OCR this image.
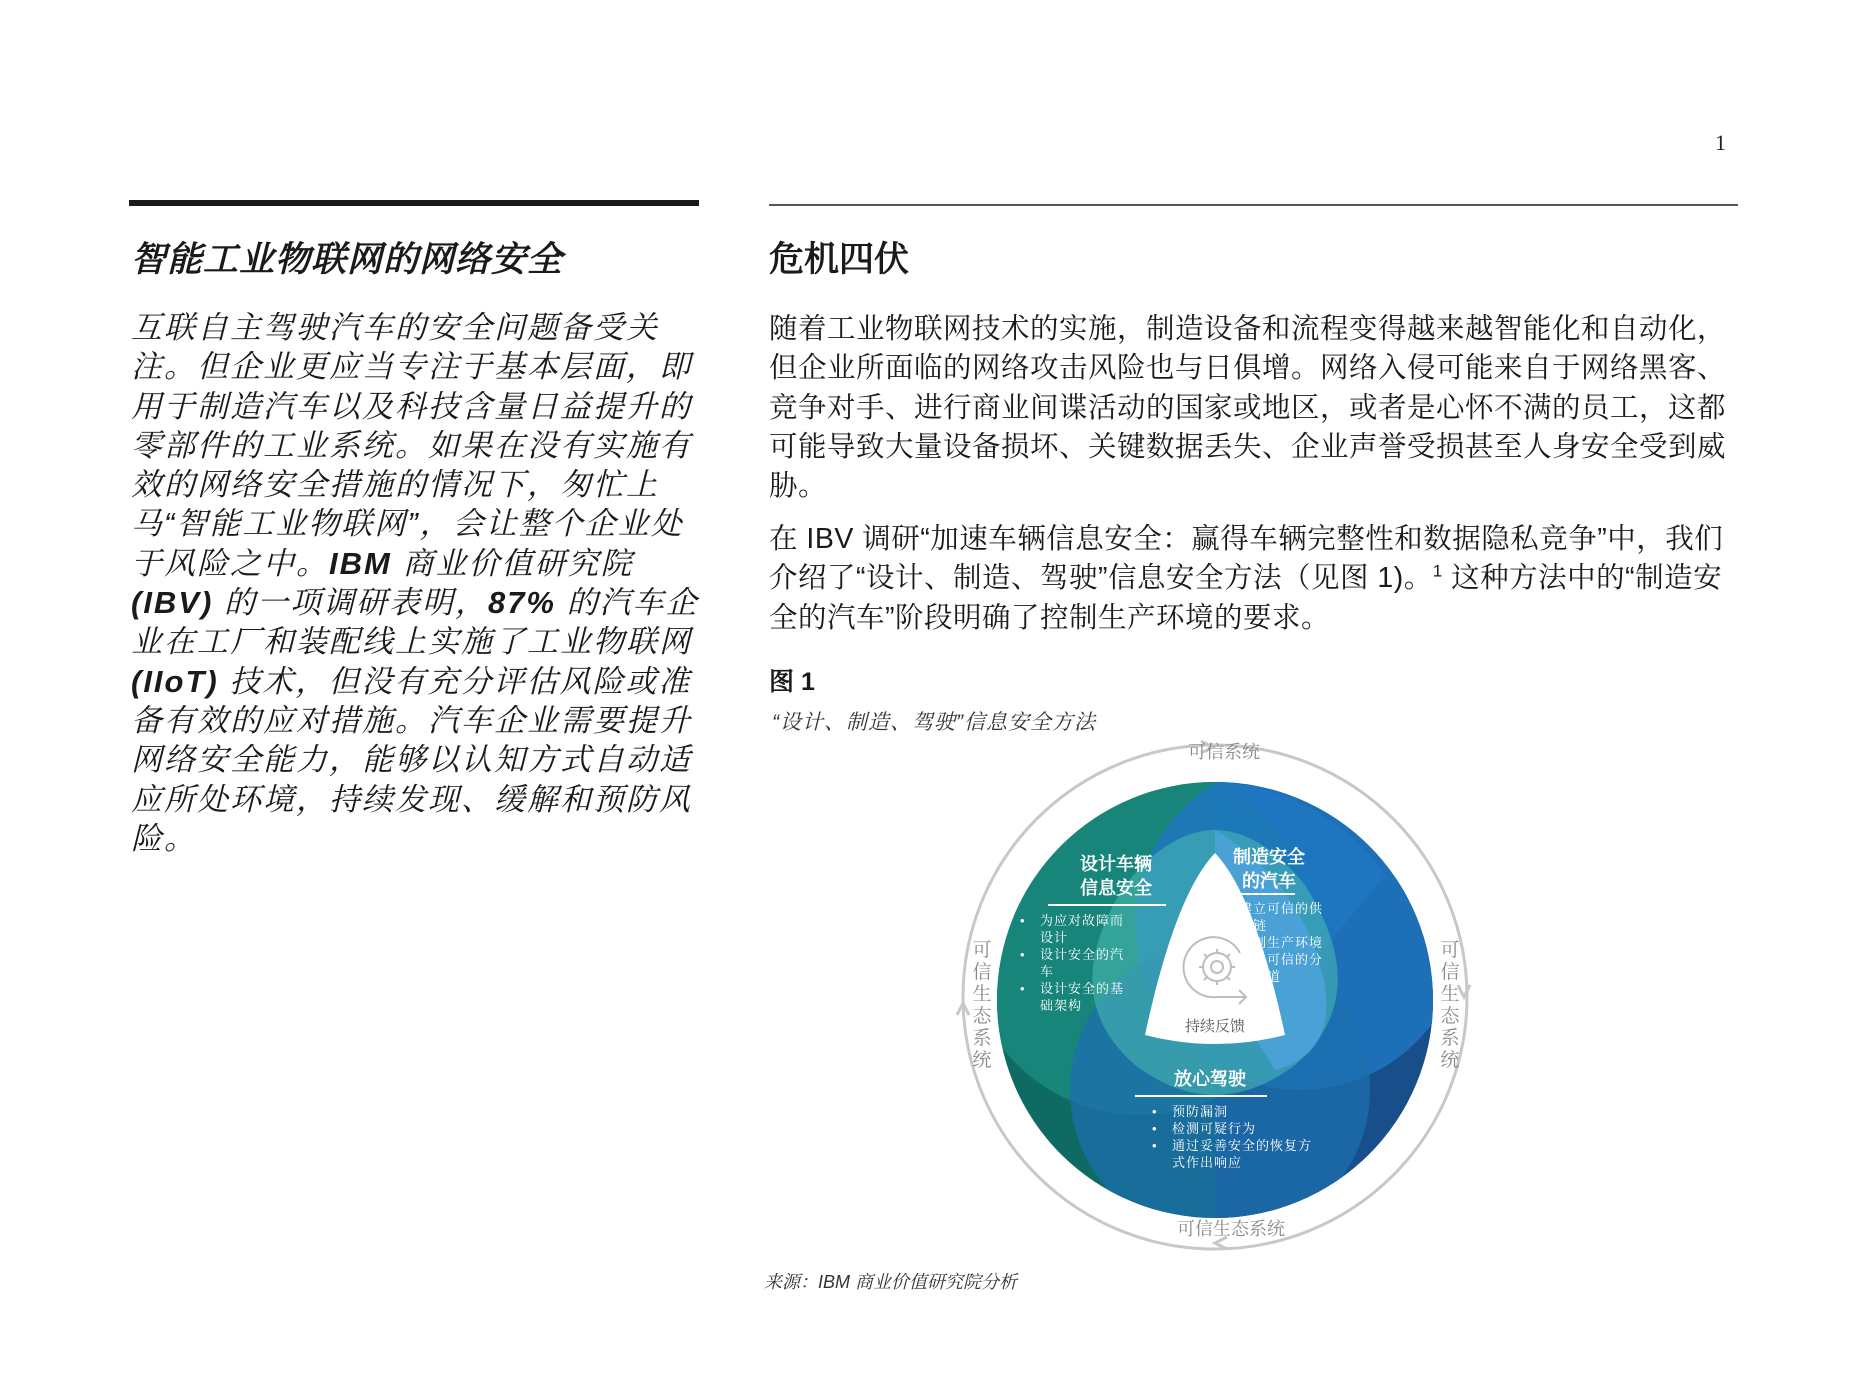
1
智能工业物联网的网络安全
互联自主驾驶汽车的安全问题备受关注。但企业更应当专注于基本层面，即用于制造汽车以及科技含量日益提升的零部件的工业系统。如果在没有实施有效的网络安全措施的情况下，匆忙上马“智能工业物联网”，会让整个企业处于风险之中。IBM 商业价值研究院 (IBV) 的一项调研表明，87% 的汽车企业在工厂和装配线上实施了工业物联网 (IIoT) 技术，但没有充分评估风险或准备有效的应对措施。汽车企业需要提升网络安全能力，能够以认知方式自动适应所处环境，持续发现、缓解和预防风险。
危机四伏
随着工业物联网技术的实施，制造设备和流程变得越来越智能化和自动化，但企业所面临的网络攻击风险也与日俱增。网络入侵可能来自于网络黑客、竞争对手、进行商业间谍活动的国家或地区，或者是心怀不满的员工，这都可能导致大量设备损坏、关键数据丢失、企业声誉受损甚至人身安全受到威胁。
在 IBV 调研“加速车辆信息安全：赢得车辆完整性和数据隐私竞争”中，我们介绍了“设计、制造、驾驶”信息安全方法（见图 1)。$^1$ 这种方法中的“制造安全的汽车”阶段明确了控制生产环境的要求。
图 1
“设计、制造、驾驶”信息安全方法
可信系统
可信生态系统
可信生态系统
可信生态系统
设计车辆
信息安全
• 为应对故障而设计
• 设计安全的汽车
• 设计安全的基础架构
制造安全
的汽车
• 建立可信的供应链
• 控制生产环境
• 建立可信的分销渠道
持续反馈
放心驾驶
• 预防漏洞
• 检测可疑行为
• 通过妥善安全的恢复方式作出响应
来源：IBM 商业价值研究院分析
